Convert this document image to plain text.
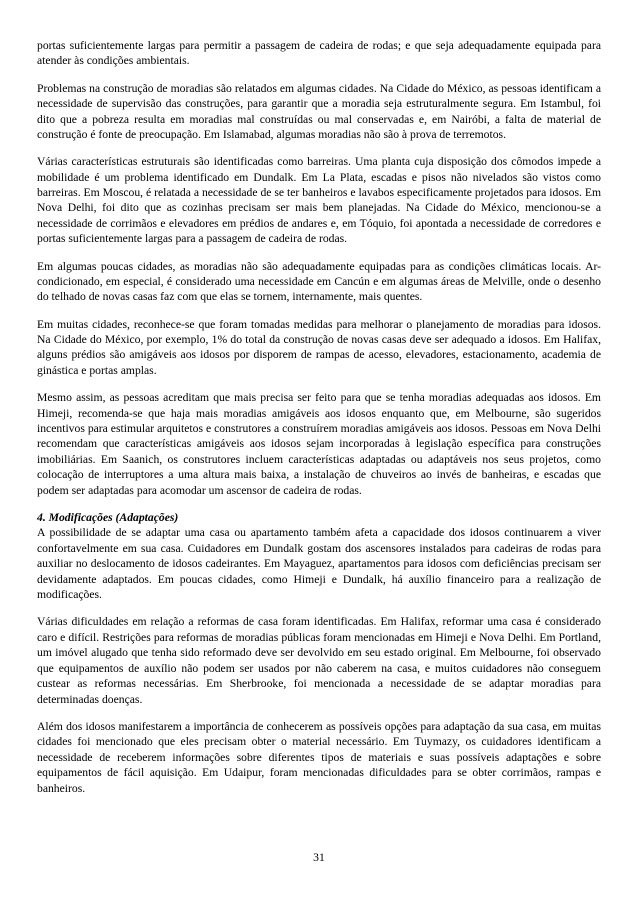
portas suficientemente largas para permitir a passagem de cadeira de rodas; e que seja adequadamente equipada para atender às condições ambientais.

Problemas na construção de moradias são relatados em algumas cidades. Na Cidade do México, as pessoas identificam a necessidade de supervisão das construções, para garantir que a moradia seja estruturalmente segura. Em Istambul, foi dito que a pobreza resulta em moradias mal construídas ou mal conservadas e, em Nairóbi, a falta de material de construção é fonte de preocupação. Em Islamabad, algumas moradias não são à prova de terremotos.

Várias características estruturais são identificadas como barreiras. Uma planta cuja disposição dos cômodos impede a mobilidade é um problema identificado em Dundalk. Em La Plata, escadas e pisos não nivelados são vistos como barreiras. Em Moscou, é relatada a necessidade de se ter banheiros e lavabos especificamente projetados para idosos. Em Nova Delhi, foi dito que as cozinhas precisam ser mais bem planejadas. Na Cidade do México, mencionou-se a necessidade de corrimãos e elevadores em prédios de andares e, em Tóquio, foi apontada a necessidade de corredores e portas suficientemente largas para a passagem de cadeira de rodas.

Em algumas poucas cidades, as moradias não são adequadamente equipadas para as condições climáticas locais. Ar-condicionado, em especial, é considerado uma necessidade em Cancún e em algumas áreas de Melville, onde o desenho do telhado de novas casas faz com que elas se tornem, internamente, mais quentes.

Em muitas cidades, reconhece-se que foram tomadas medidas para melhorar o planejamento de moradias para idosos. Na Cidade do México, por exemplo, 1% do total da construção de novas casas deve ser adequado a idosos. Em Halifax, alguns prédios são amigáveis aos idosos por disporem de rampas de acesso, elevadores, estacionamento, academia de ginástica e portas amplas.

Mesmo assim, as pessoas acreditam que mais precisa ser feito para que se tenha moradias adequadas aos idosos. Em Himeji, recomenda-se que haja mais moradias amigáveis aos idosos enquanto que, em Melbourne, são sugeridos incentivos para estimular arquitetos e construtores a construírem moradias amigáveis aos idosos. Pessoas em Nova Delhi recomendam que características amigáveis aos idosos sejam incorporadas à legislação específica para construções imobiliárias. Em Saanich, os construtores incluem características adaptadas ou adaptáveis nos seus projetos, como colocação de interruptores a uma altura mais baixa, a instalação de chuveiros ao invés de banheiras, e escadas que podem ser adaptadas para acomodar um ascensor de cadeira de rodas.

4. Modificações (Adaptações)

A possibilidade de se adaptar uma casa ou apartamento também afeta a capacidade dos idosos continuarem a viver confortavelmente em sua casa. Cuidadores em Dundalk gostam dos ascensores instalados para cadeiras de rodas para auxiliar no deslocamento de idosos cadeirantes. Em Mayaguez, apartamentos para idosos com deficiências precisam ser devidamente adaptados. Em poucas cidades, como Himeji e Dundalk, há auxílio financeiro para a realização de modificações.

Várias dificuldades em relação a reformas de casa foram identificadas. Em Halifax, reformar uma casa é considerado caro e difícil. Restrições para reformas de moradias públicas foram mencionadas em Himeji e Nova Delhi. Em Portland, um imóvel alugado que tenha sido reformado deve ser devolvido em seu estado original. Em Melbourne, foi observado que equipamentos de auxílio não podem ser usados por não caberem na casa, e muitos cuidadores não conseguem custear as reformas necessárias. Em Sherbrooke, foi mencionada a necessidade de se adaptar moradias para determinadas doenças.

Além dos idosos manifestarem a importância de conhecerem as possíveis opções para adaptação da sua casa, em muitas cidades foi mencionado que eles precisam obter o material necessário. Em Tuymazy, os cuidadores identificam a necessidade de receberem informações sobre diferentes tipos de materiais e suas possíveis adaptações e sobre equipamentos de fácil aquisição. Em Udaipur, foram mencionadas dificuldades para se obter corrimãos, rampas e banheiros.

31
